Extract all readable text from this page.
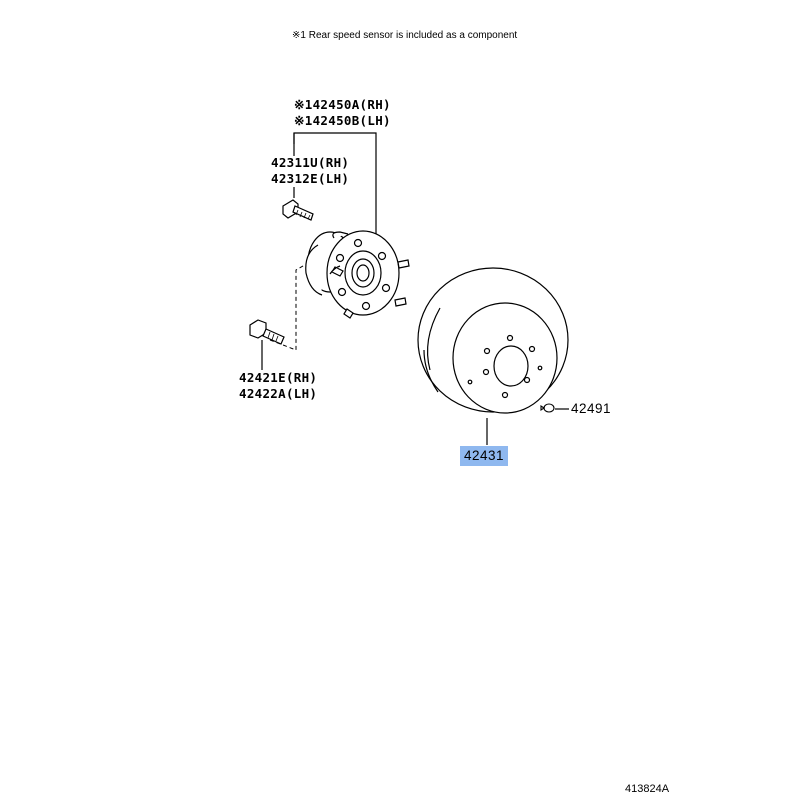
※1 Rear speed sensor is included as a component
※142450A(RH)
※142450B(LH)
42311U(RH)
42312E(LH)
42421E(RH)
42422A(LH)
42491
42431
413824A
